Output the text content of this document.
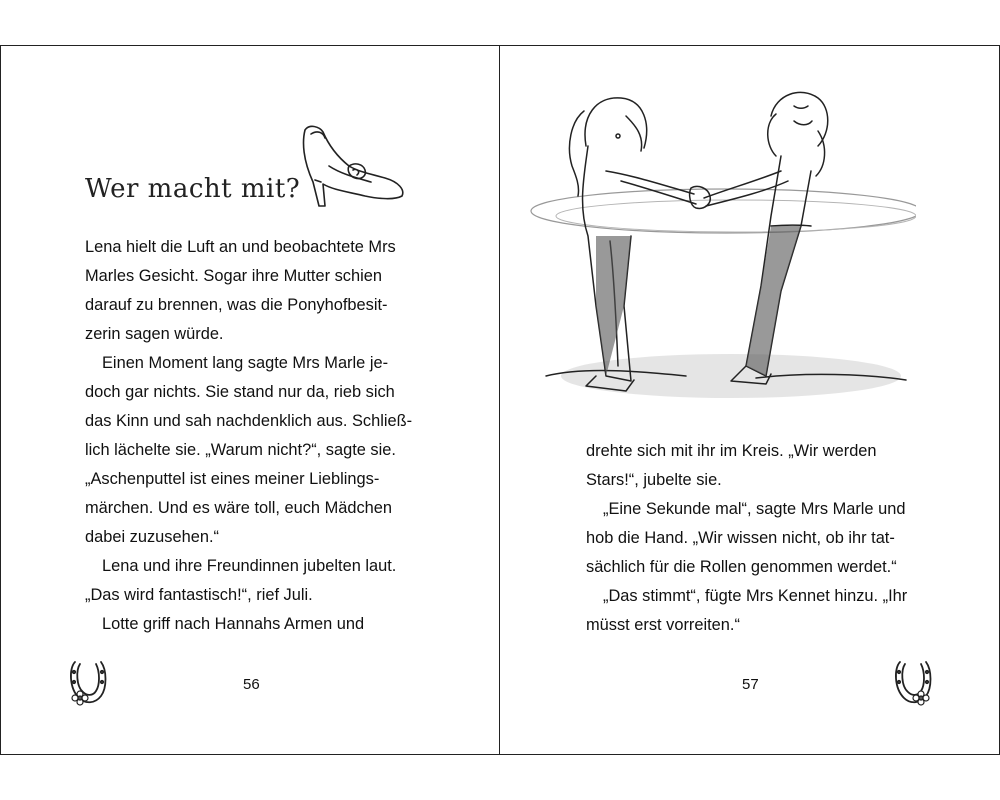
Wer macht mit?
Lena hielt die Luft an und beobachtete Mrs
Marles Gesicht. Sogar ihre Mutter schien
darauf zu brennen, was die Ponyhofbesit-
zerin sagen würde.
Einen Moment lang sagte Mrs Marle je-
doch gar nichts. Sie stand nur da, rieb sich
das Kinn und sah nachdenklich aus. Schließ-
lich lächelte sie. „Warum nicht?“, sagte sie.
„Aschenputtel ist eines meiner Lieblings-
märchen. Und es wäre toll, euch Mädchen
dabei zuzusehen.“
Lena und ihre Freundinnen jubelten laut.
„Das wird fantastisch!“, rief Juli.
Lotte griff nach Hannahs Armen und
56
drehte sich mit ihr im Kreis. „Wir werden
Stars!“, jubelte sie.
„Eine Sekunde mal“, sagte Mrs Marle und
hob die Hand. „Wir wissen nicht, ob ihr tat-
sächlich für die Rollen genommen werdet.“
„Das stimmt“, fügte Mrs Kennet hinzu. „Ihr
müsst erst vorreiten.“
57
